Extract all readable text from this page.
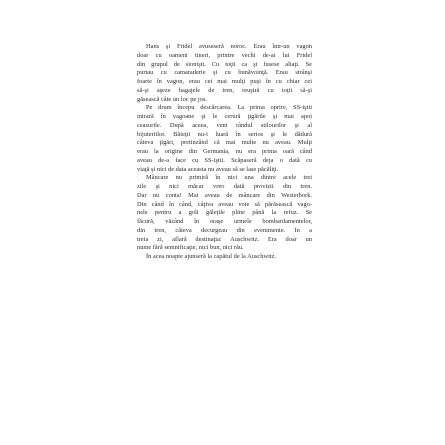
Hans şi Fridel avuseseră noroc. Erau într-un vagon
doar cu oameni tineri, printre vechi de-ai lui Fridel
din grupul de sionişti. Cu toţii ca şi fusese aliaţi. Se
purtau cu camaraderie şi cu bunăvoinţă. Erau strânşi
foarte în vagon, erau cei mai mulţi puşi în cu chiar cei
să-şi aşeze bagajele de tren, reuşiră cu toţii să-şi
găsească câte un loc pe jos.
Pe drum începu descărcarea. La prima oprire, SS-iştii
intrară în vagoane şi le cerură ţigările şi mai apoi
ceasurile. După aceea, veni rândul stilourilor şi al
bijuteriilor. Băieţii nu-i luară în serios şi le dădură
câteva ţigări, pretinzând că mai multe nu aveau. Mulţi
erau la origine din Germania, nu era prima oară când
aveau de-a face cu SS-iştii. Scăpaseră deja o dată cu
viaţă şi nici de data aceasta nu aveau să se lase păcăliţi.
Mâncare nu primiră în nici una dintre acele trei
zile şi nici măcar vreo dată provizii din tren.
Dar nu conta! Mai aveau de mâncare din Westerbork.
Din când în când, câţiva aveau voie să părăsească vago-
nele pentru a goli găleţile pline până la refuz. Se
făcură, văzând în oraşe urmele bombardamentelor,
din tren, câteva decurgeau din evenimente. În a
treia zi, aflară destinaţia: Auschwitz. Era doar un
nume fără semnificaţie, nici bun, nici rău.
În acea noapte ajunseră la capătul de la Auschwitz.
